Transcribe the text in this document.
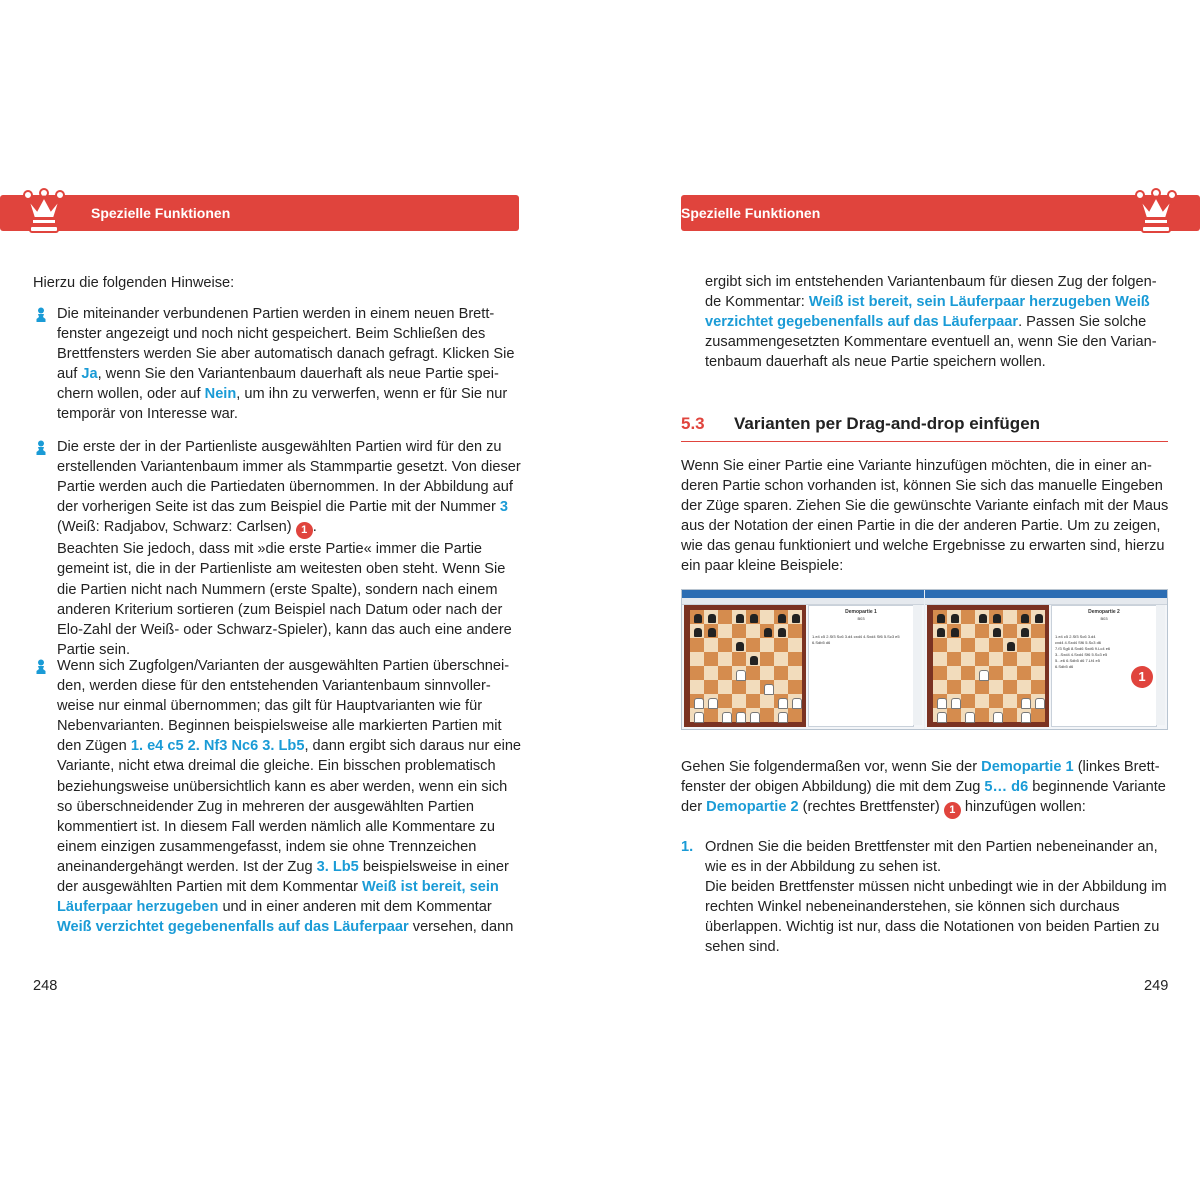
Spezielle Funktionen
Hierzu die folgenden Hinweise:

Die miteinander verbundenen Partien werden in einem neuen Brettfenster angezeigt und noch nicht gespeichert. Beim Schließen des Brettfensters werden Sie aber automatisch danach gefragt. Klicken Sie auf Ja, wenn Sie den Variantenbaum dauerhaft als neue Partie speichern wollen, oder auf Nein, um ihn zu verwerfen, wenn er für Sie nur temporär von Interesse war.

Die erste der in der Partienliste ausgewählten Partien wird für den zu erstellenden Variantenbaum immer als Stammpartie gesetzt. Von dieser Partie werden auch die Partiedaten übernommen. In der Abbildung auf der vorherigen Seite ist das zum Beispiel die Partie mit der Nummer 3 (Weiß: Radjabov, Schwarz: Carlsen) 1 .

Beachten Sie jedoch, dass mit »die erste Partie« immer die Partie gemeint ist, die in der Partienliste am weitesten oben steht. Wenn Sie die Partien nicht nach Nummern (erste Spalte), sondern nach einem anderen Kriterium sortieren (zum Beispiel nach Datum oder nach der Elo-Zahl der Weiß- oder Schwarz-Spieler), kann das auch eine andere Partie sein.

Wenn sich Zugfolgen/Varianten der ausgewählten Partien überschneiden, werden diese für den entstehenden Variantenbaum sinnvollerweise nur einmal übernommen; das gilt für Hauptvarianten wie für Nebenvarianten. Beginnen beispielsweise alle markierten Partien mit den Zügen 1. e4 c5 2. Nf3 Nc6 3. Lb5, dann ergibt sich daraus nur eine Variante, nicht etwa dreimal die gleiche. Ein bisschen problematisch beziehungsweise unübersichtlich kann es aber werden, wenn ein sich so überschneidender Zug in mehreren der ausgewählten Partien kommentiert ist. In diesem Fall werden nämlich alle Kommentare zu einem einzigen zusammengefasst, indem sie ohne Trennzeichen aneinandergehängt werden. Ist der Zug 3. Lb5 beispielsweise in einer der ausgewählten Partien mit dem Kommentar Weiß ist bereit, sein Läuferpaar herzugeben und in einer anderen mit dem Kommentar Weiß verzichtet gegebenenfalls auf das Läuferpaar versehen, dann

248
Spezielle Funktionen

ergibt sich im entstehenden Variantenbaum für diesen Zug der folgende Kommentar: Weiß ist bereit, sein Läuferpaar herzugeben Weiß verzichtet gegebenenfalls auf das Läuferpaar. Passen Sie solche zusammengesetzten Kommentare eventuell an, wenn Sie den Variantenbaum dauerhaft als neue Partie speichern wollen.

5.3 Varianten per Drag-and-drop einfügen
Wenn Sie einer Partie eine Variante hinzufügen möchten, die in einer anderen Partie schon vorhanden ist, können Sie sich das manuelle Eingeben der Züge sparen. Ziehen Sie die gewünschte Variante einfach mit der Maus aus der Notation der einen Partie in die der anderen Partie. Um zu zeigen, wie das genau funktioniert und welche Ergebnisse zu erwarten sind, hierzu ein paar kleine Beispiele:
Demopartie 1
B03
1.e4 c5 2.Sf3 Sc6 3.d4 cxd4 4.Sxd4 Sf6 5.Sc3 e5
6.Sdb5 d6
Demopartie 2
B03
1.e4 c5 2.Sf3 Sc6 3.d4
cxd4 4.Sxd4 Sf6 5.Sc3 d6
7.f3 Sg6 8.Sxd6 Sxd6 9.Lc4 e6
3...Sxd4 4.Sxd4 Sf6 5.Sc3 e5
5...e6 6.Sdb5 d6 7.Lf4 e5
6.Sdb5 d6
1

Gehen Sie folgendermaßen vor, wenn Sie der Demopartie 1 (linkes Brettfenster der obigen Abbildung) die mit dem Zug 5… d6 beginnende Variante der Demopartie 2 (rechtes Brettfenster) 1 hinzufügen wollen:

1. Ordnen Sie die beiden Brettfenster mit den Partien nebeneinander an, wie es in der Abbildung zu sehen ist.

Die beiden Brettfenster müssen nicht unbedingt wie in der Abbildung im rechten Winkel nebeneinanderstehen, sie können sich durchaus überlappen. Wichtig ist nur, dass die Notationen von beiden Partien zu sehen sind.

249
